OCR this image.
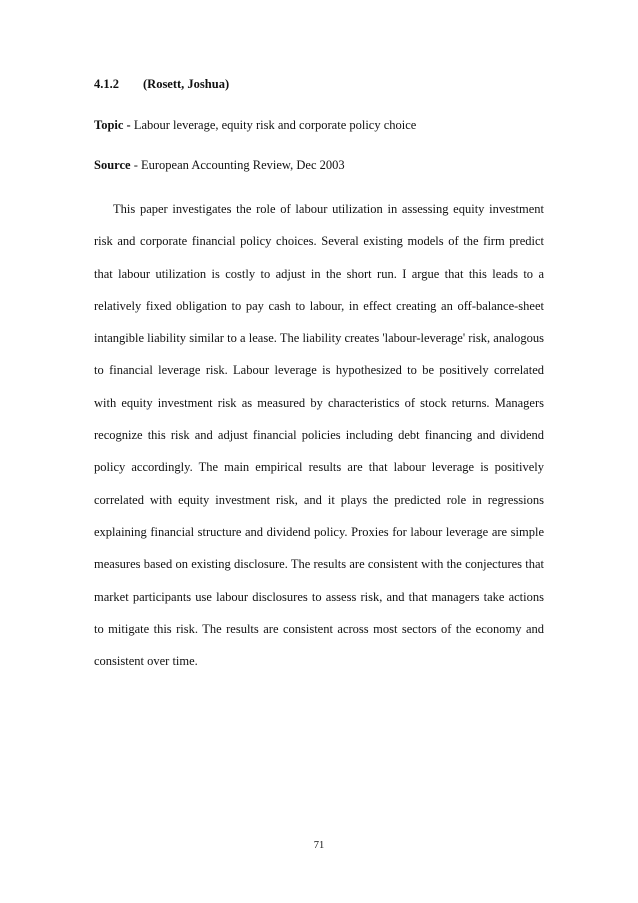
4.1.2 (Rosett, Joshua)
Topic - Labour leverage, equity risk and corporate policy choice
Source - European Accounting Review, Dec 2003

This paper investigates the role of labour utilization in assessing equity investment risk and corporate financial policy choices. Several existing models of the firm predict that labour utilization is costly to adjust in the short run. I argue that this leads to a relatively fixed obligation to pay cash to labour, in effect creating an off-balance-sheet intangible liability similar to a lease. The liability creates 'labour-leverage' risk, analogous to financial leverage risk. Labour leverage is hypothesized to be positively correlated with equity investment risk as measured by characteristics of stock returns. Managers recognize this risk and adjust financial policies including debt financing and dividend policy accordingly. The main empirical results are that labour leverage is positively correlated with equity investment risk, and it plays the predicted role in regressions explaining financial structure and dividend policy. Proxies for labour leverage are simple measures based on existing disclosure. The results are consistent with the conjectures that market participants use labour disclosures to assess risk, and that managers take actions to mitigate this risk. The results are consistent across most sectors of the economy and consistent over time.

71
